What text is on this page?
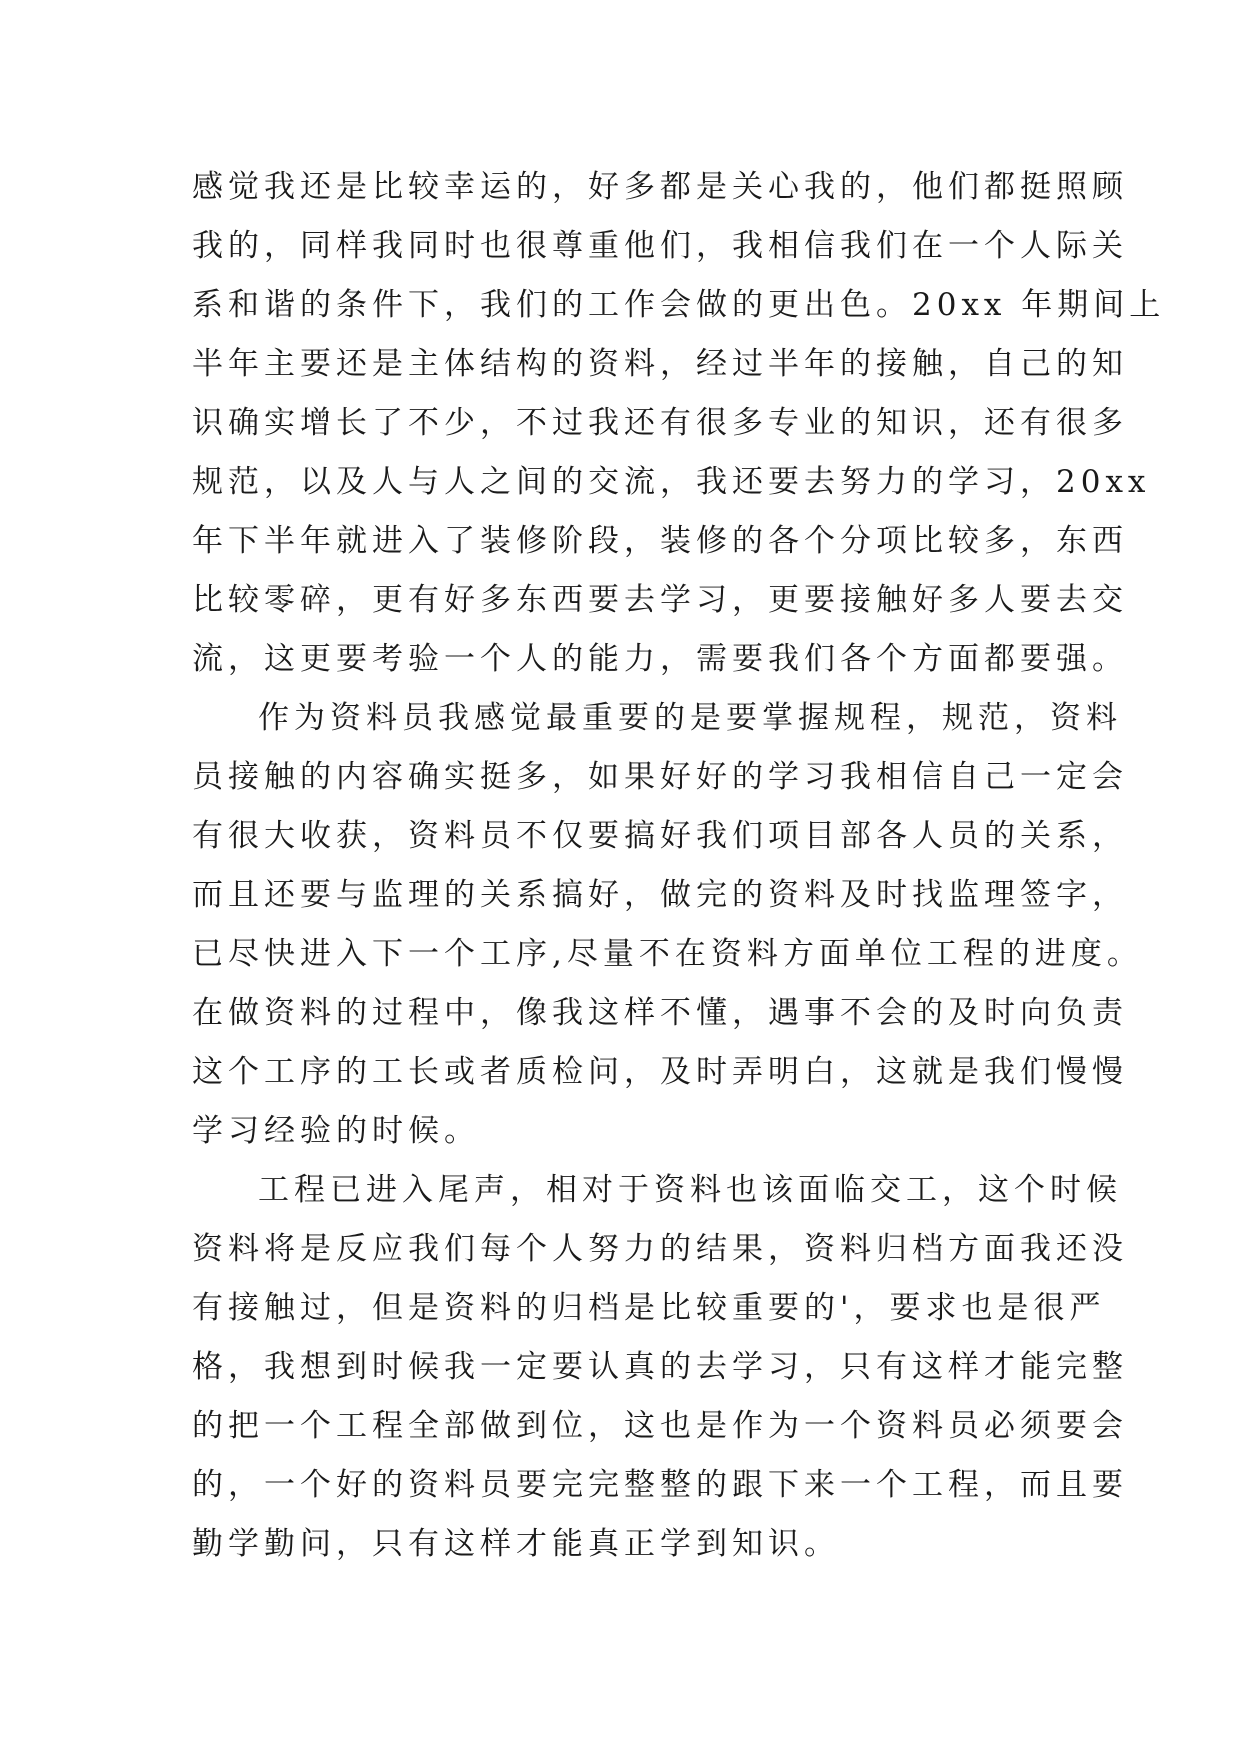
感觉我还是比较幸运的，好多都是关心我的，他们都挺照顾
我的，同样我同时也很尊重他们，我相信我们在一个人际关
系和谐的条件下，我们的工作会做的更出色。20xx 年期间上
半年主要还是主体结构的资料，经过半年的接触，自己的知
识确实增长了不少，不过我还有很多专业的知识，还有很多
规范，以及人与人之间的交流，我还要去努力的学习，20xx
年下半年就进入了装修阶段，装修的各个分项比较多，东西
比较零碎，更有好多东西要去学习，更要接触好多人要去交
流，这更要考验一个人的能力，需要我们各个方面都要强。
作为资料员我感觉最重要的是要掌握规程，规范，资料
员接触的内容确实挺多，如果好好的学习我相信自己一定会
有很大收获，资料员不仅要搞好我们项目部各人员的关系，
而且还要与监理的关系搞好，做完的资料及时找监理签字，
已尽快进入下一个工序,尽量不在资料方面单位工程的进度。
在做资料的过程中，像我这样不懂，遇事不会的及时向负责
这个工序的工长或者质检问，及时弄明白，这就是我们慢慢
学习经验的时候。
工程已进入尾声，相对于资料也该面临交工，这个时候
资料将是反应我们每个人努力的结果，资料归档方面我还没
有接触过，但是资料的归档是比较重要的'，要求也是很严
格，我想到时候我一定要认真的去学习，只有这样才能完整
的把一个工程全部做到位，这也是作为一个资料员必须要会
的，一个好的资料员要完完整整的跟下来一个工程，而且要
勤学勤问，只有这样才能真正学到知识。
